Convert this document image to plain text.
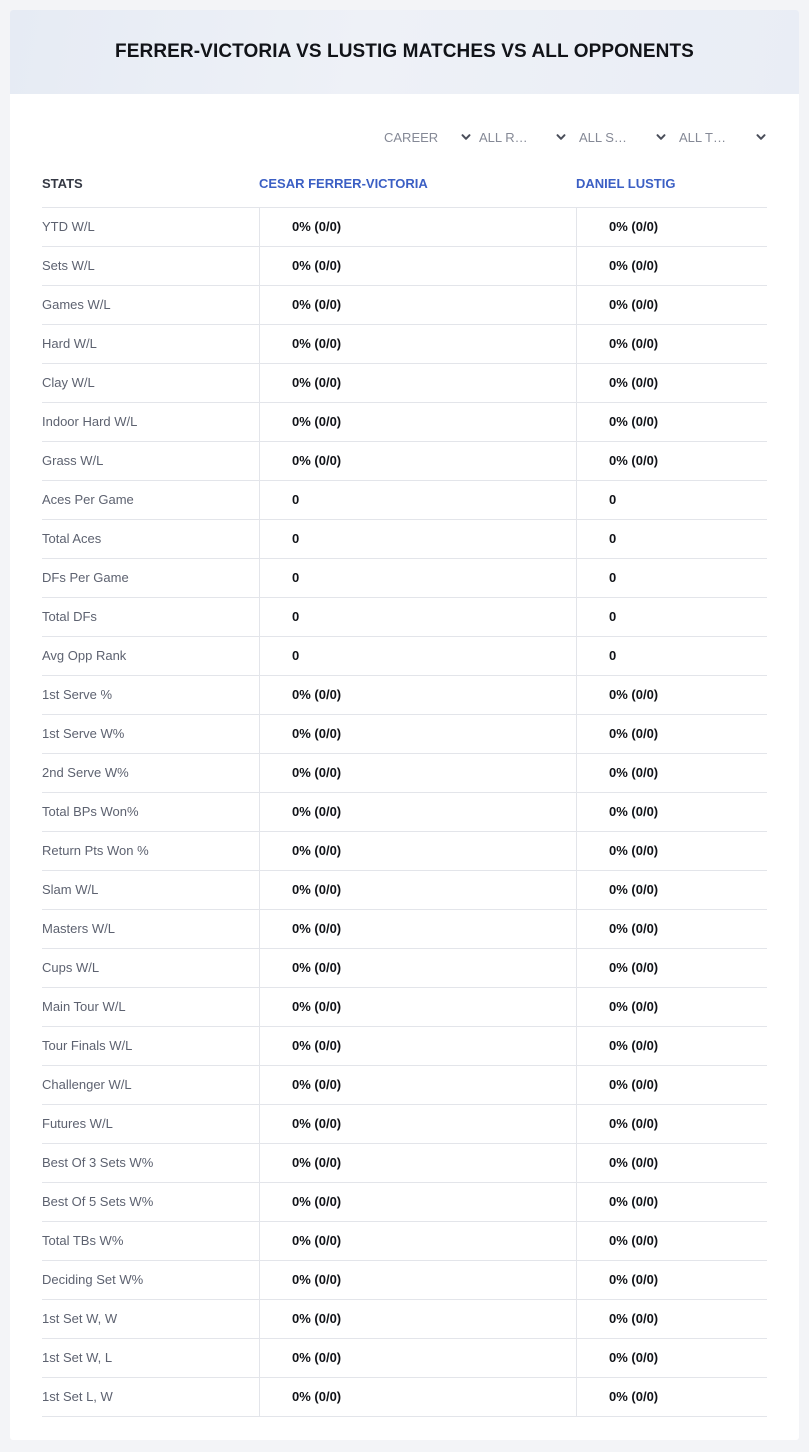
FERRER-VICTORIA VS LUSTIG MATCHES VS ALL OPPONENTS
CAREER	ALL R…	ALL S…	ALL T…
STATS	CESAR FERRER-VICTORIA	DANIEL LUSTIG
YTD W/L	0% (0/0)	0% (0/0)
Sets W/L	0% (0/0)	0% (0/0)
Games W/L	0% (0/0)	0% (0/0)
Hard W/L	0% (0/0)	0% (0/0)
Clay W/L	0% (0/0)	0% (0/0)
Indoor Hard W/L	0% (0/0)	0% (0/0)
Grass W/L	0% (0/0)	0% (0/0)
Aces Per Game	0	0
Total Aces	0	0
DFs Per Game	0	0
Total DFs	0	0
Avg Opp Rank	0	0
1st Serve %	0% (0/0)	0% (0/0)
1st Serve W%	0% (0/0)	0% (0/0)
2nd Serve W%	0% (0/0)	0% (0/0)
Total BPs Won%	0% (0/0)	0% (0/0)
Return Pts Won %	0% (0/0)	0% (0/0)
Slam W/L	0% (0/0)	0% (0/0)
Masters W/L	0% (0/0)	0% (0/0)
Cups W/L	0% (0/0)	0% (0/0)
Main Tour W/L	0% (0/0)	0% (0/0)
Tour Finals W/L	0% (0/0)	0% (0/0)
Challenger W/L	0% (0/0)	0% (0/0)
Futures W/L	0% (0/0)	0% (0/0)
Best Of 3 Sets W%	0% (0/0)	0% (0/0)
Best Of 5 Sets W%	0% (0/0)	0% (0/0)
Total TBs W%	0% (0/0)	0% (0/0)
Deciding Set W%	0% (0/0)	0% (0/0)
1st Set W, W	0% (0/0)	0% (0/0)
1st Set W, L	0% (0/0)	0% (0/0)
1st Set L, W	0% (0/0)	0% (0/0)
